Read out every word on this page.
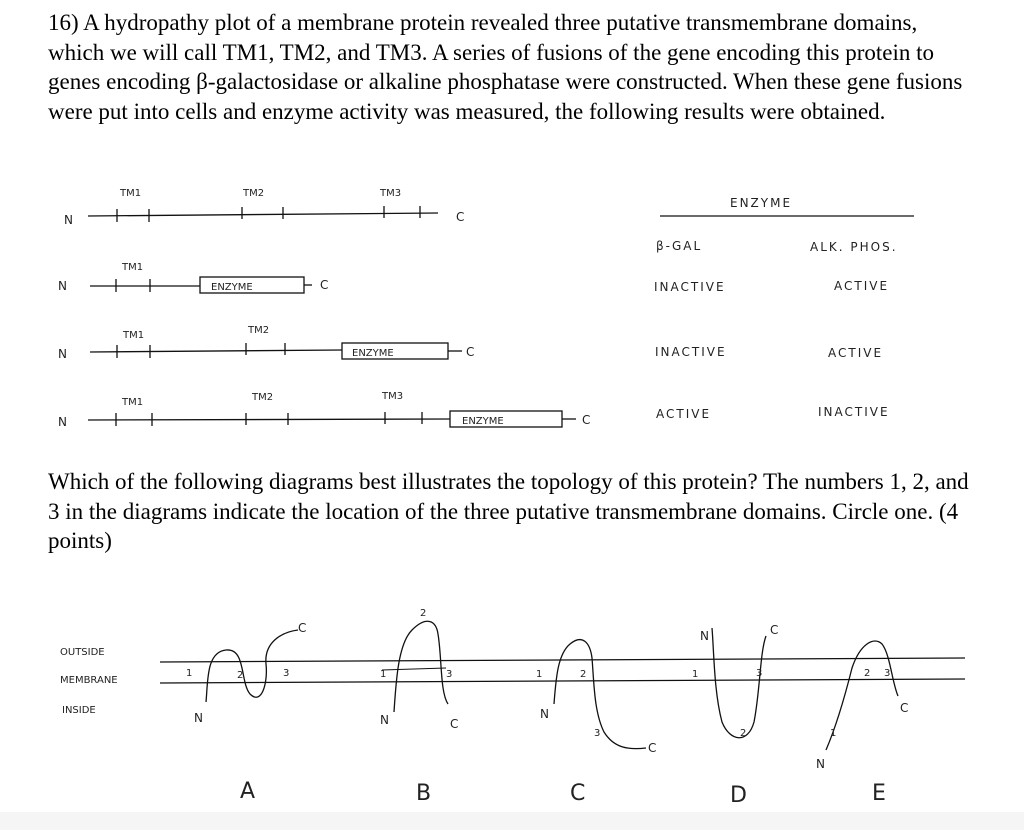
16) A hydropathy plot of a membrane protein revealed three putative transmembrane domains, which we will call TM1, TM2, and TM3. A series of fusions of the gene encoding this protein to genes encoding β-galactosidase or alkaline phosphatase were constructed. When these gene fusions were put into cells and enzyme activity was measured, the following results were obtained.

TM1	TM2	TM3
N	C
TM1
N	ENZYME	C
TM1	TM2
N	ENZYME	C
TM1	TM2	TM3
N	ENZYME	C
ENZYME
β-GAL	ALK. PHOS.
INACTIVE	ACTIVE
INACTIVE	ACTIVE
ACTIVE	INACTIVE

Which of the following diagrams best illustrates the topology of this protein? The numbers 1, 2, and 3 in the diagrams indicate the location of the three putative transmembrane domains. Circle one. (4 points)

OUTSIDE
MEMBRANE
INSIDE
N
1	2	3
C
A
N
1
2
3
C
B
N
1	2
3
C
C
N
1
2
3
C
D
N
1
2 3
C
E
